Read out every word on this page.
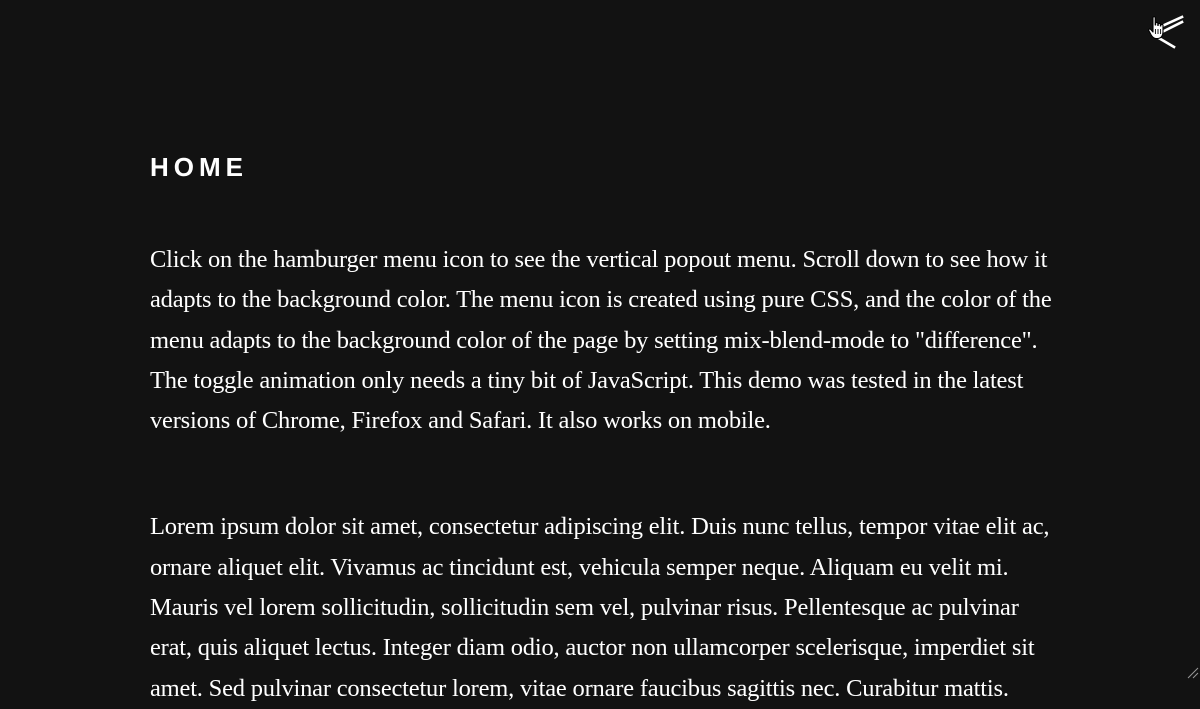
HOME

Click on the hamburger menu icon to see the vertical popout menu. Scroll down to see how it adapts to the background color. The menu icon is created using pure CSS, and the color of the menu adapts to the background color of the page by setting mix-blend-mode to "difference". The toggle animation only needs a tiny bit of JavaScript. This demo was tested in the latest versions of Chrome, Firefox and Safari. It also works on mobile.

Lorem ipsum dolor sit amet, consectetur adipiscing elit. Duis nunc tellus, tempor vitae elit ac, ornare aliquet elit. Vivamus ac tincidunt est, vehicula semper neque. Aliquam eu velit mi. Mauris vel lorem sollicitudin, sollicitudin sem vel, pulvinar risus. Pellentesque ac pulvinar erat, quis aliquet lectus. Integer diam odio, auctor non ullamcorper scelerisque, imperdiet sit amet. Sed pulvinar consectetur lorem, vitae ornare faucibus sagittis nec. Curabitur mattis.
